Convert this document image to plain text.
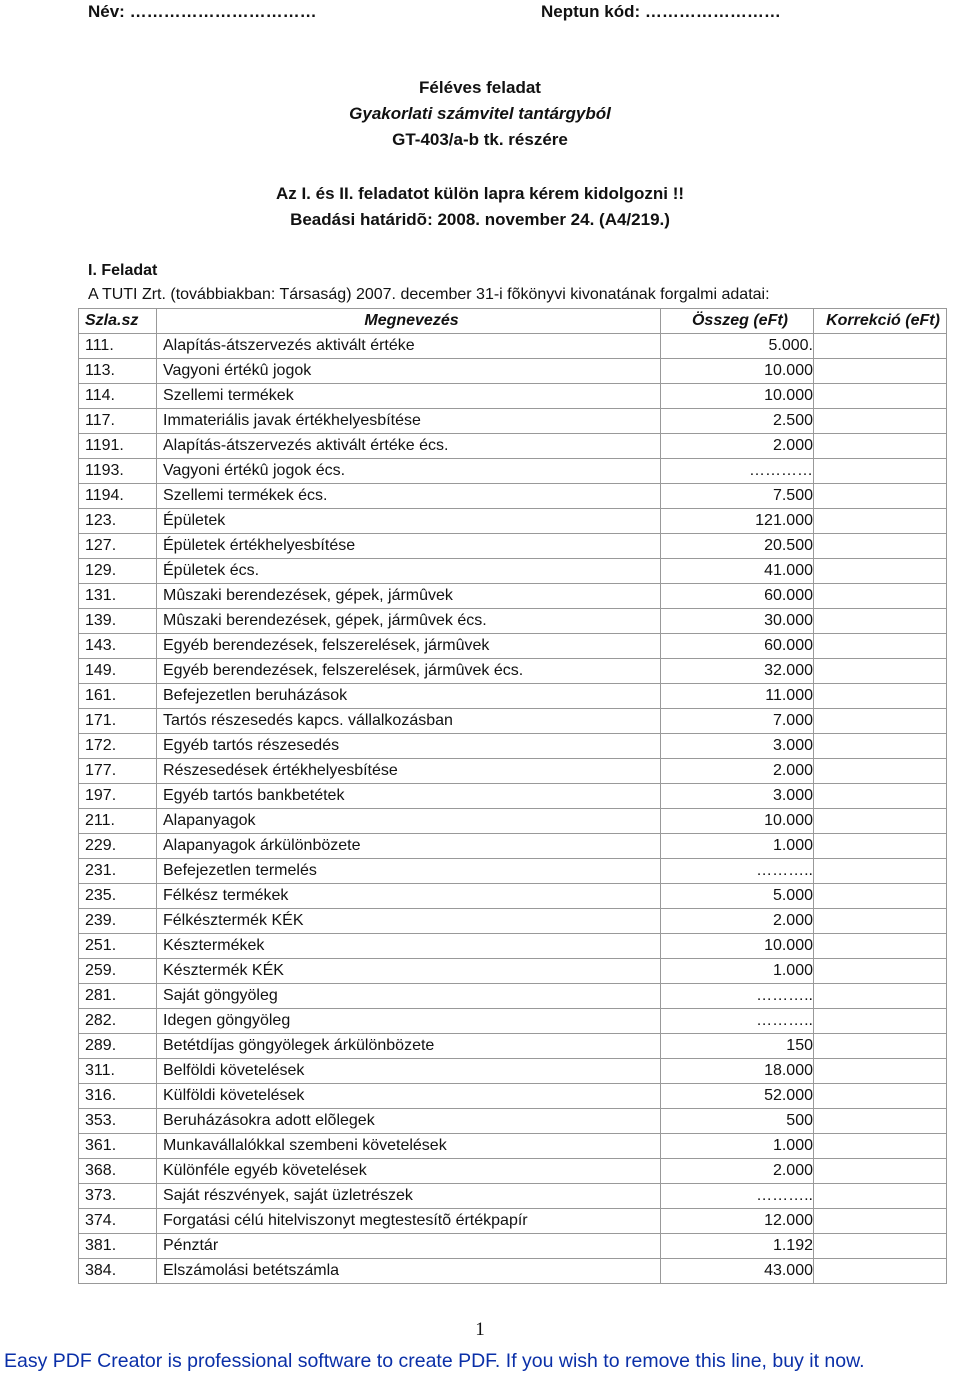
Név: ……………………………	Neptun kód: ……………………
Féléves feladat
Gyakorlati számvitel tantárgyból
GT-403/a-b tk. részére
Az I. és II. feladatot külön lapra kérem kidolgozni !!
Beadási határidõ: 2008. november 24. (A4/219.)
I. Feladat
A TUTI Zrt. (továbbiakban: Társaság) 2007. december 31-i fõkönyvi kivonatának forgalmi adatai:
Szla.sz	Megnevezés	Összeg (eFt)	Korrekció (eFt)
111.	Alapítás-átszervezés aktivált értéke	5.000.	
113.	Vagyoni értékû jogok	10.000	
114.	Szellemi termékek	10.000	
117.	Immateriális javak értékhelyesbítése	2.500	
1191.	Alapítás-átszervezés aktivált értéke écs.	2.000	
1193.	Vagyoni értékû jogok écs.	…………	
1194.	Szellemi termékek écs.	7.500	
123.	Épületek	121.000	
127.	Épületek értékhelyesbítése	20.500	
129.	Épületek écs.	41.000	
131.	Mûszaki berendezések, gépek, jármûvek	60.000	
139.	Mûszaki berendezések, gépek, jármûvek écs.	30.000	
143.	Egyéb berendezések, felszerelések, jármûvek	60.000	
149.	Egyéb berendezések, felszerelések, jármûvek écs.	32.000	
161.	Befejezetlen beruházások	11.000	
171.	Tartós részesedés kapcs. vállalkozásban	7.000	
172.	Egyéb tartós részesedés	3.000	
177.	Részesedések értékhelyesbítése	2.000	
197.	Egyéb tartós bankbetétek	3.000	
211.	Alapanyagok	10.000	
229.	Alapanyagok árkülönbözete	1.000	
231.	Befejezetlen termelés	………..	
235.	Félkész termékek	5.000	
239.	Félkésztermék KÉK	2.000	
251.	Késztermékek	10.000	
259.	Késztermék KÉK	1.000	
281.	Saját göngyöleg	………..	
282.	Idegen göngyöleg	………..	
289.	Betétdíjas göngyölegek árkülönbözete	150	
311.	Belföldi követelések	18.000	
316.	Külföldi követelések	52.000	
353.	Beruházásokra adott elõlegek	500	
361.	Munkavállalókkal szembeni követelések	1.000	
368.	Különféle egyéb követelések	2.000	
373.	Saját részvények, saját üzletrészek	………..	
374.	Forgatási célú hitelviszonyt megtestesítõ értékpapír	12.000	
381.	Pénztár	1.192	
384.	Elszámolási betétszámla	43.000	
1
Easy PDF Creator is professional software to create PDF. If you wish to remove this line, buy it now.
